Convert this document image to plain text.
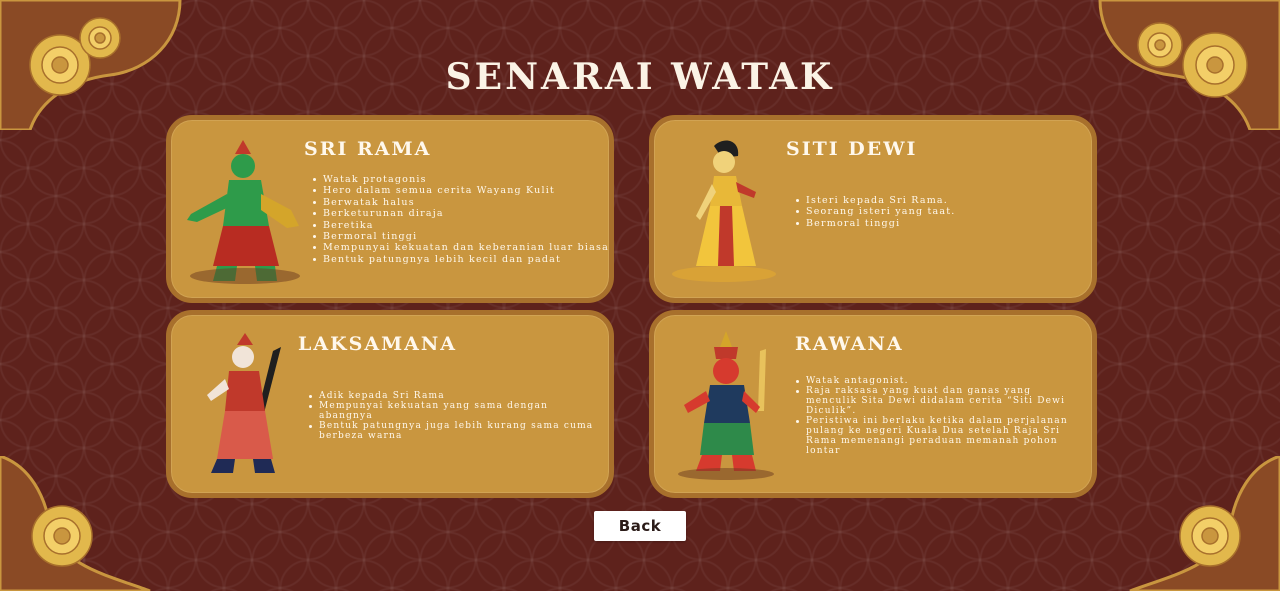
SENARAI WATAK
SRI RAMA
Watak protagonis
Hero dalam semua cerita Wayang Kulit
Berwatak halus
Berketurunan diraja
Beretika
Bermoral tinggi
Mempunyai kekuatan dan keberanian luar biasa
Bentuk patungnya lebih kecil dan padat
SITI DEWI
Isteri kepada Sri Rama.
Seorang isteri yang taat.
Bermoral tinggi
LAKSAMANA
Adik kepada Sri Rama
Mempunyai kekuatan yang sama dengan abangnya
Bentuk patungnya juga lebih kurang sama cuma berbeza warna
RAWANA
Watak antagonist.
Raja raksasa yang kuat dan ganas yang menculik Sita Dewi didalam cerita “Siti Dewi Diculik”.
Peristiwa ini berlaku ketika dalam perjalanan pulang ke negeri Kuala Dua setelah Raja Sri Rama memenangi peraduan memanah pohon lontar
Back
